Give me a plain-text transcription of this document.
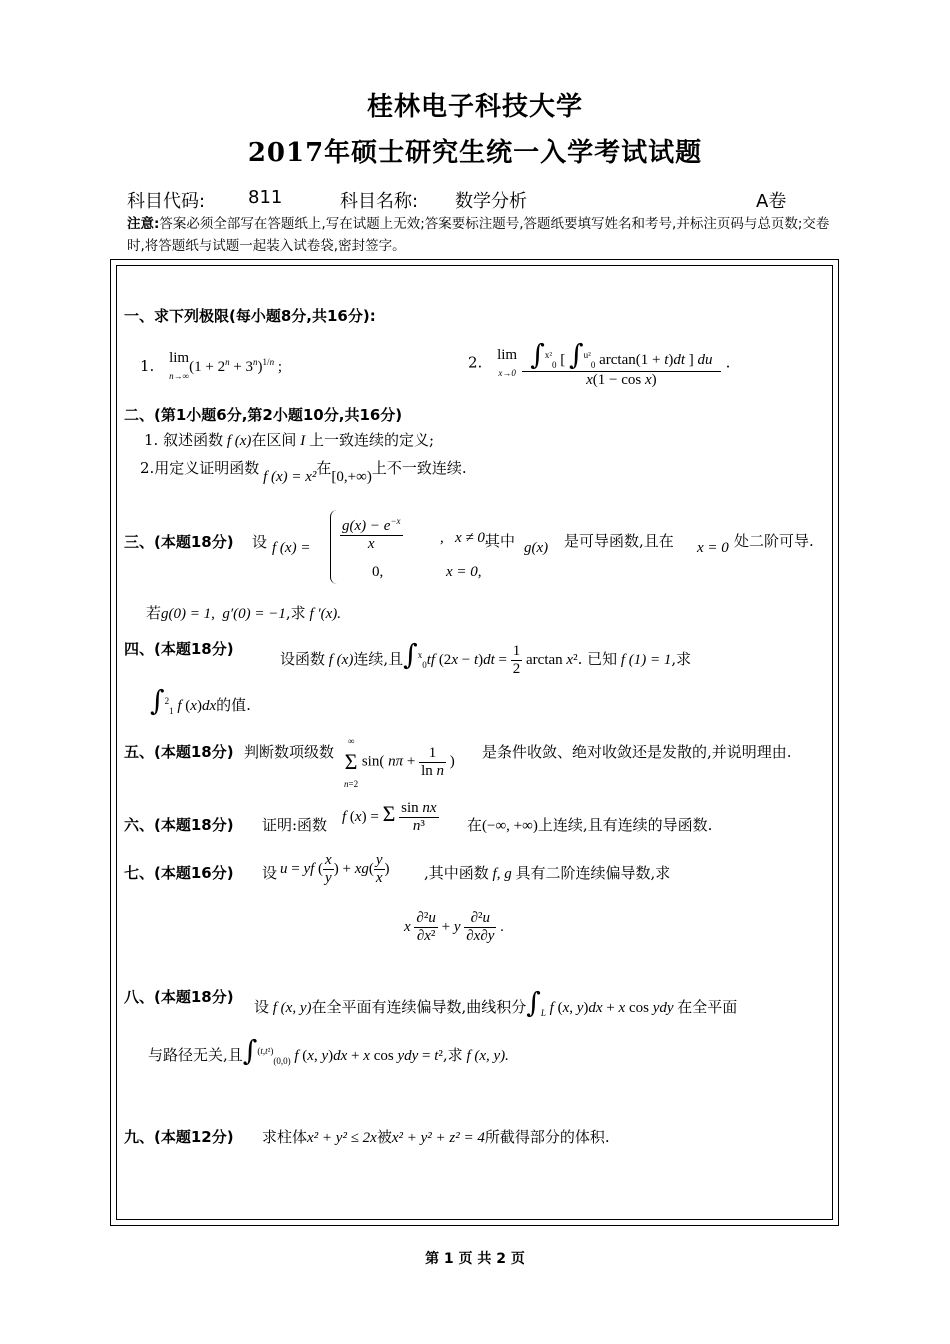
桂林电子科技大学
2017年硕士研究生统一入学考试试题
科目代码: 811	科目名称: 数学分析	A卷
注意:答案必须全部写在答题纸上,写在试题上无效;答案要标注题号,答题纸要填写姓名和考号,并标注页码与总页数;交卷时,将答题纸与试题一起装入试卷袋,密封签字。
一、求下列极限(每小题8分,共16分):
1. lim
$n\to\infty(1 + 2^n + 3^n)^{1/n}$ ;	2. lim
$x\to 0 \frac{\int^{x^2}_0 [ \int^{u^2}_0 \arctan(1 + t)dt ] du}{\text{x(1 − cos x)}}$ .
二、(第1小题6分,第2小题10分,共16分)
1. 叙述函数 f (x)在区间 I 上一致连续的定义;
2.用定义证明函数 f (x) = x²在[0,+∞)上不一致连续.
三、(本题18分) 设 f $(x) = \frac{g(x) - e^{-x}}{x}$ ,   x ≠ 0,
其中 g(x) 是可导函数,且在 x = 0 处二阶可导.
0,	x = 0,
若g(0) = 1,  g′(0) = −1,求 f ′(x).
四、(本题18分)
设函数 f (x)连续,且∫$^x_0$tf $(2x - t)dt = \frac{1}{2}$ arctan x². 已知 f (1) = 1,求
∫$^2_1$ f (x)dx的值.
五、(本题18分) 判断数项级数
∞
Σ
n=2 sin( $n\pi + \frac{1}{\text{ln n}}$ )
是条件收敛、绝对收敛还是发散的,并说明理由.
六、(本题18分) 证明:函数 f (x) = Σ $\frac{\text{sin nx}}{\text{n³}}$ 在(−∞, +∞)上连续,且有连续的导函数.
七、(本题16分) 设 u = yf ( $\frac{x}{y}$ ) + $xg( \frac{y}{x}$ ) ,其中函数 f, g 具有二阶连续偏导数,求
x $\frac{\text{∂²u}}{\text{∂x²}} + y \frac{\text{∂²u}}{\partial x\partial y}$ .
八、(本题18分)
设 f (x, y)在全平面有连续偏导数,曲线积分$\int_L$ f (x, y)dx + x cos ydy 在全平面
与路径无关,且∫$^{(t,t^2)}_{(0,0)}$ f (x, y)dx + x cos ydy = t²,求 f (x, y).
九、(本题12分) 求柱体x² + y² ≤ 2x被x² + y² + z² = 4所截得部分的体积.
第 1 页 共 2 页
